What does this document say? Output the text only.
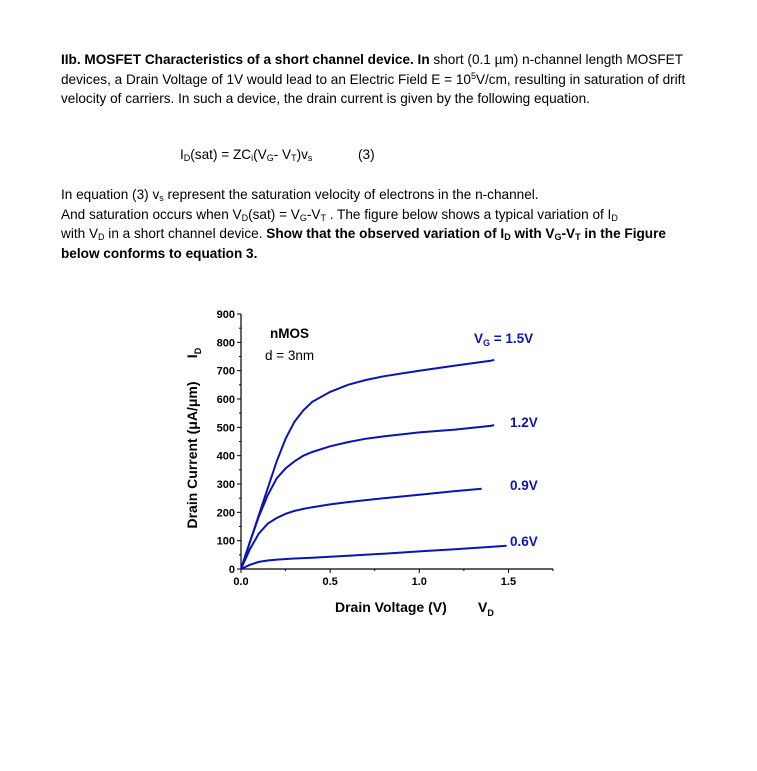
IIb. MOSFET Characteristics of a short channel device. In short (0.1 µm) n-channel length MOSFET devices, a Drain Voltage of 1V would lead to an Electric Field $E = 10^5V/cm$, resulting in saturation of drift velocity of carriers. In such a device, the drain current is given by the following equation.

$I_D(sat) = ZC_i(V_G-$ $V_T)v_s$	(3)

In equation (3) $v_s$ represent the saturation velocity of electrons in the n-channel.
And saturation occurs when $V_D(sat) = V_G-V_T$ . The figure below shows a typical variation of $I_D$
with $V_D$ in a short channel device. Show that the observed variation of $I_D$ with $V_G-V_T$ in the Figure below conforms to equation 3.

0
100
200
300
400
500
600
700
800
900
0.0	0.5	1.0	1.5
$V_G = 1.5V$
1.2V
0.9V
0.6V
nMOS
d = 3nm
Drain Voltage (V) $V_D$
Drain Current (μA/μm)
$I_D$
